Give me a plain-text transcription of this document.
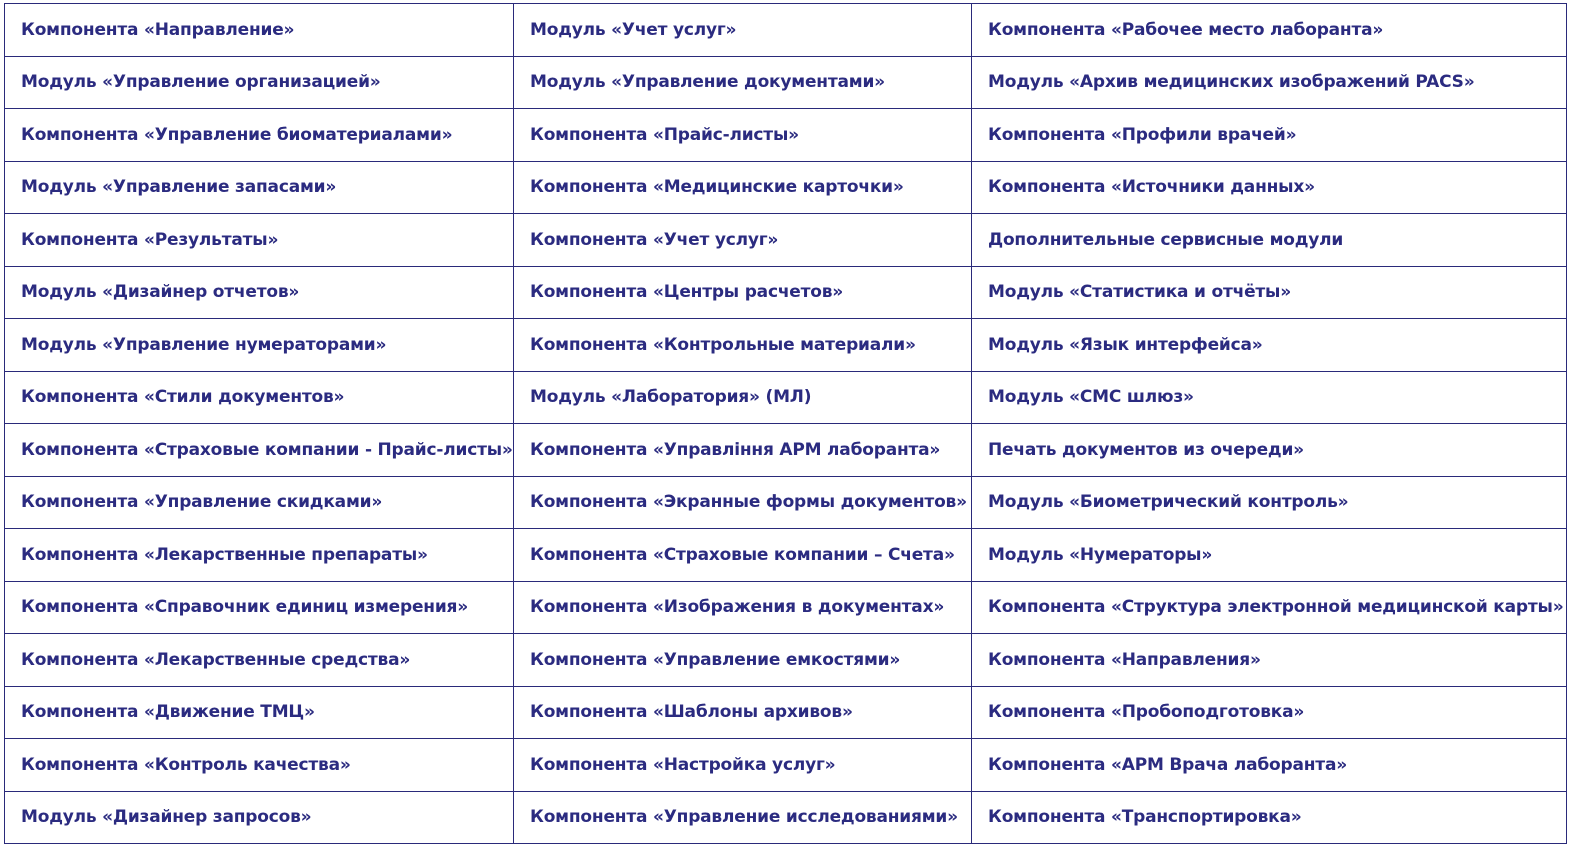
Компонента «Направление»	Модуль «Учет услуг»	Компонента «Рабочее место лаборанта»
Модуль «Управление организацией»	Модуль «Управление документами»	Модуль «Архив медицинских изображений PACS»
Компонента «Управление биоматериалами»	Компонента «Прайс-листы»	Компонента «Профили врачей»
Модуль «Управление запасами»	Компонента «Медицинские карточки»	Компонента «Источники данных»
Компонента «Результаты»	Компонента «Учет услуг»	Дополнительные сервисные модули
Модуль «Дизайнер отчетов»	Компонента «Центры расчетов»	Модуль «Статистика и отчёты»
Модуль «Управление нумераторами»	Компонента «Контрольные материали»	Модуль «Язык интерфейса»
Компонента «Стили документов»	Модуль «Лаборатория» (МЛ)	Модуль «СМС шлюз»
Компонента «Страховые компании - Прайс-листы»	Компонента «Управління АРМ лаборанта»	Печать документов из очереди»
Компонента «Управление скидками»	Компонента «Экранные формы документов»	Модуль «Биометрический контроль»
Компонента «Лекарственные препараты»	Компонента «Страховые компании – Счета»	Модуль «Нумераторы»
Компонента «Справочник единиц измерения»	Компонента «Изображения в документах»	Компонента «Структура электронной медицинской карты»
Компонента «Лекарственные средства»	Компонента «Управление емкостями»	Компонента «Направления»
Компонента «Движение ТМЦ»	Компонента «Шаблоны архивов»	Компонента «Пробоподготовка»
Компонента «Контроль качества»	Компонента «Настройка услуг»	Компонента «АРМ Врача лаборанта»
Модуль «Дизайнер запросов»	Компонента «Управление исследованиями»	Компонента «Транспортировка»
